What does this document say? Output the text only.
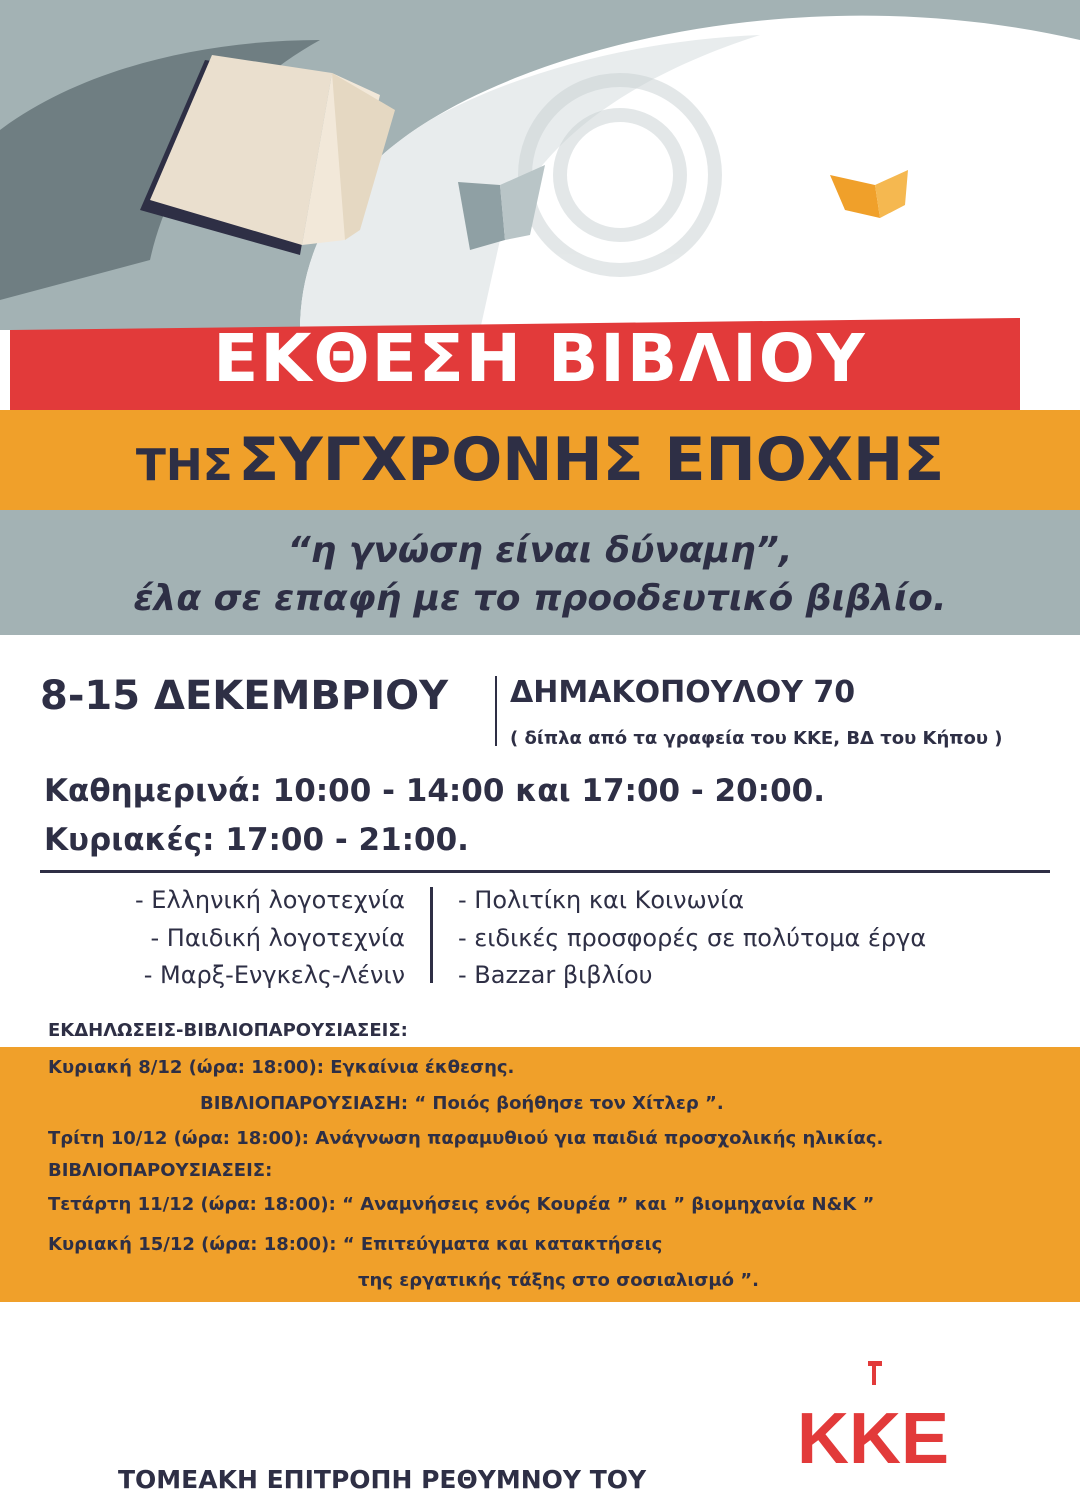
ΕΚΘΕΣΗ ΒΙΒΛΙΟΥ
ΤΗΣ ΣΥΓΧΡΟΝΗΣ ΕΠΟΧΗΣ
“η γνώση είναι δύναμη”,
έλα σε επαφή με το προοδευτικό βιβλίο.
8-15 ΔΕΚΕΜΒΡΙΟΥ ΔΗΜΑΚΟΠΟΥΛΟΥ 70
( δίπλα από τα γραφεία του ΚΚΕ, ΒΔ του Κήπου )
Καθημερινά: 10:00 - 14:00 και 17:00 - 20:00.
Κυριακές: 17:00 - 21:00.
- Ελληνική λογοτεχνία
- Παιδική λογοτεχνία
- Μαρξ-Ενγκελς-Λένιν
- Πολιτίκη και Κοινωνία
- ειδικές προσφορές σε πολύτομα έργα
- Bazzar βιβλίου
ΕΚΔΗΛΩΣΕΙΣ-ΒΙΒΛΙΟΠΑΡΟΥΣΙΑΣΕΙΣ:
Κυριακή 8/12 (ώρα: 18:00): Εγκαίνια έκθεσης.
ΒΙΒΛΙΟΠΑΡΟΥΣΙΑΣΗ: “ Ποιός βοήθησε τον Χίτλερ ”.
Τρίτη 10/12 (ώρα: 18:00): Ανάγνωση παραμυθιού για παιδιά προσχολικής ηλικίας.
ΒΙΒΛΙΟΠΑΡΟΥΣΙΑΣΕΙΣ:
Τετάρτη 11/12 (ώρα: 18:00): “ Αναμνήσεις ενός Κουρέα ” και ” βιομηχανία Ν&Κ ”
Κυριακή 15/12 (ώρα: 18:00): “ Επιτεύγματα και κατακτήσεις
της εργατικής τάξης στο σοσιαλισμό ”.
ΤΟΜΕΑΚΗ ΕΠΙΤΡΟΠΗ ΡΕΘΥΜΝΟΥ ΤΟΥ
ΚΚΕ
